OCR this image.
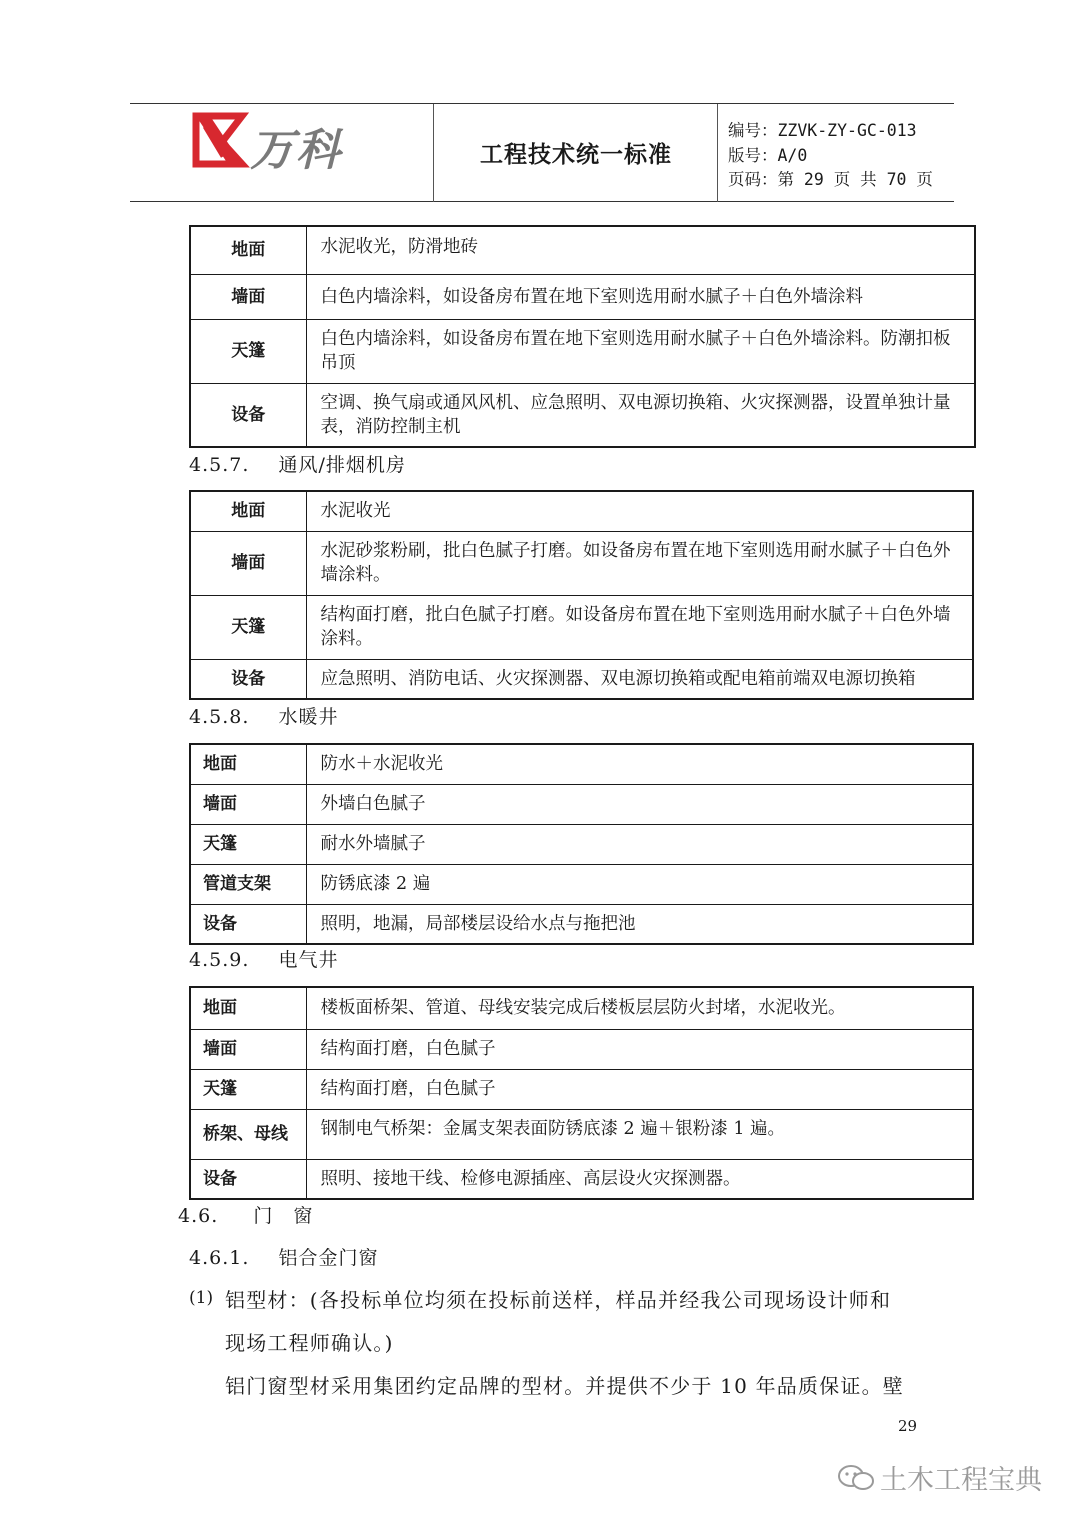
万科	工程技术统一标准
编号：ZZVK-ZY-GC-013
版号：A/0
页码：第 29 页 共 70 页
地面	水泥收光，防滑地砖
墙面	白色内墙涂料，如设备房布置在地下室则选用耐水腻子＋白色外墙涂料
天篷	白色内墙涂料，如设备房布置在地下室则选用耐水腻子＋白色外墙涂料。防潮扣板吊顶
设备	空调、换气扇或通风风机、应急照明、双电源切换箱、火灾探测器，设置单独计量表，消防控制主机
4.5.7. 通风/排烟机房
地面	水泥收光
墙面	水泥砂浆粉刷，批白色腻子打磨。如设备房布置在地下室则选用耐水腻子＋白色外墙涂料。
天篷	结构面打磨，批白色腻子打磨。如设备房布置在地下室则选用耐水腻子＋白色外墙涂料。
设备	应急照明、消防电话、火灾探测器、双电源切换箱或配电箱前端双电源切换箱
4.5.8. 水暖井
地面	防水＋水泥收光
墙面	外墙白色腻子
天篷	耐水外墙腻子
管道支架	防锈底漆 2 遍
设备	照明，地漏，局部楼层设给水点与拖把池
4.5.9. 电气井
地面	楼板面桥架、管道、母线安装完成后楼板层层防火封堵，水泥收光。
墙面	结构面打磨，白色腻子
天篷	结构面打磨，白色腻子
桥架、母线	钢制电气桥架：金属支架表面防锈底漆 2 遍＋银粉漆 1 遍。
设备	照明、接地干线、检修电源插座、高层设火灾探测器。
4.6. 门　窗
4.6.1. 铝合金门窗
(1) 铝型材：(各投标单位均须在投标前送样，样品并经我公司现场设计师和
现场工程师确认。)
铝门窗型材采用集团约定品牌的型材。并提供不少于 10 年品质保证。壁
29
土木工程宝典
